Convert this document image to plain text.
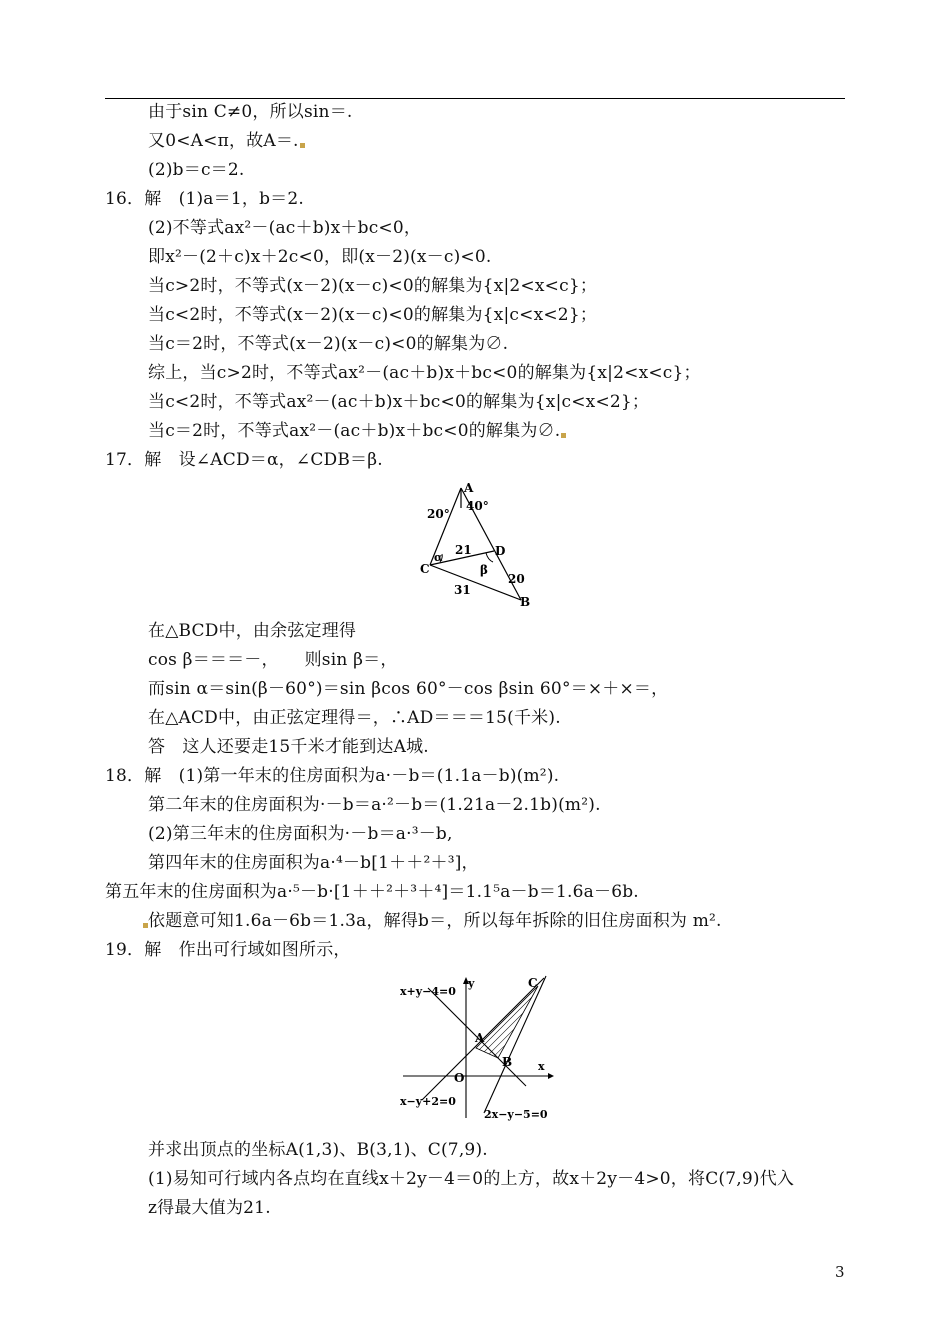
由于sin C≠0，所以sin＝.
又0<A<π，故A＝.
(2)b＝c＝2.
16．解　(1)a＝1，b＝2.
(2)不等式ax²－(ac＋b)x＋bc<0，
即x²－(2＋c)x＋2c<0，即(x－2)(x－c)<0.
当c>2时，不等式(x－2)(x－c)<0的解集为{x|2<x<c}；
当c<2时，不等式(x－2)(x－c)<0的解集为{x|c<x<2}；
当c＝2时，不等式(x－2)(x－c)<0的解集为∅.
综上，当c>2时，不等式ax²－(ac＋b)x＋bc<0的解集为{x|2<x<c}；
当c<2时，不等式ax²－(ac＋b)x＋bc<0的解集为{x|c<x<2}；
当c＝2时，不等式ax²－(ac＋b)x＋bc<0的解集为∅.
17．解　设∠ACD＝α，∠CDB＝β.
A
20°
40°
21 D
α
β
C
20
31
B
在△BCD中，由余弦定理得
cos β＝＝＝－，　　则sin β＝，
而sin α＝sin(β－60°)＝sin βcos 60°－cos βsin 60°＝×＋×＝，
在△ACD中，由正弦定理得＝，∴AD＝＝＝15(千米).
答　这人还要走15千米才能到达A城.
18．解　(1)第一年末的住房面积为a·－b＝(1.1a－b)(m²).
第二年末的住房面积为·－b＝a·²－b＝(1.21a－2.1b)(m²).
(2)第三年末的住房面积为·－b＝a·³－b,
第四年末的住房面积为a·⁴－b[1＋＋²＋³]，
第五年末的住房面积为a·⁵－b·[1＋＋²＋³＋⁴]＝1.1⁵a－b＝1.6a－6b.
依题意可知1.6a－6b＝1.3a，解得b＝，所以每年拆除的旧住房面积为 m².
19．解　作出可行域如图所示，
x+y−4=0
y	C
A
B
O
x
x−y+2=0
2x−y−5=0
并求出顶点的坐标A(1,3)、B(3,1)、C(7,9).
(1)易知可行域内各点均在直线x＋2y－4＝0的上方，故x＋2y－4>0，将C(7,9)代入
z得最大值为21.
3
